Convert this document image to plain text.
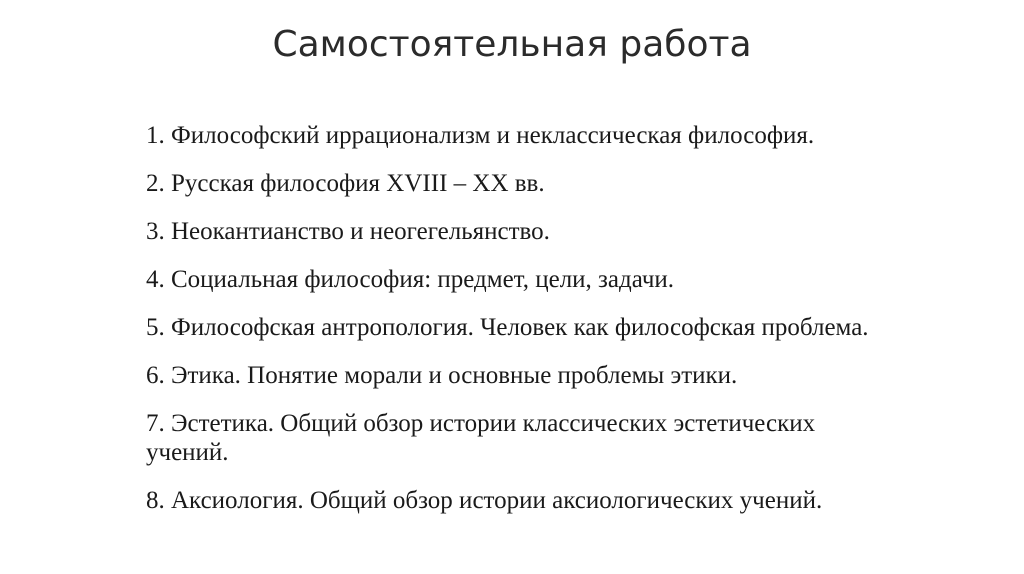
Самостоятельная работа
1. Философский иррационализм и неклассическая философия.
2. Русская философия XVIII – XX вв.
3. Неокантианство и неогегельянство.
4. Социальная философия: предмет, цели, задачи.
5. Философская антропология. Человек как философская проблема.
6. Этика. Понятие морали и основные проблемы этики.
7. Эстетика. Общий обзор истории классических эстетических учений.
8. Аксиология. Общий обзор истории аксиологических учений.
